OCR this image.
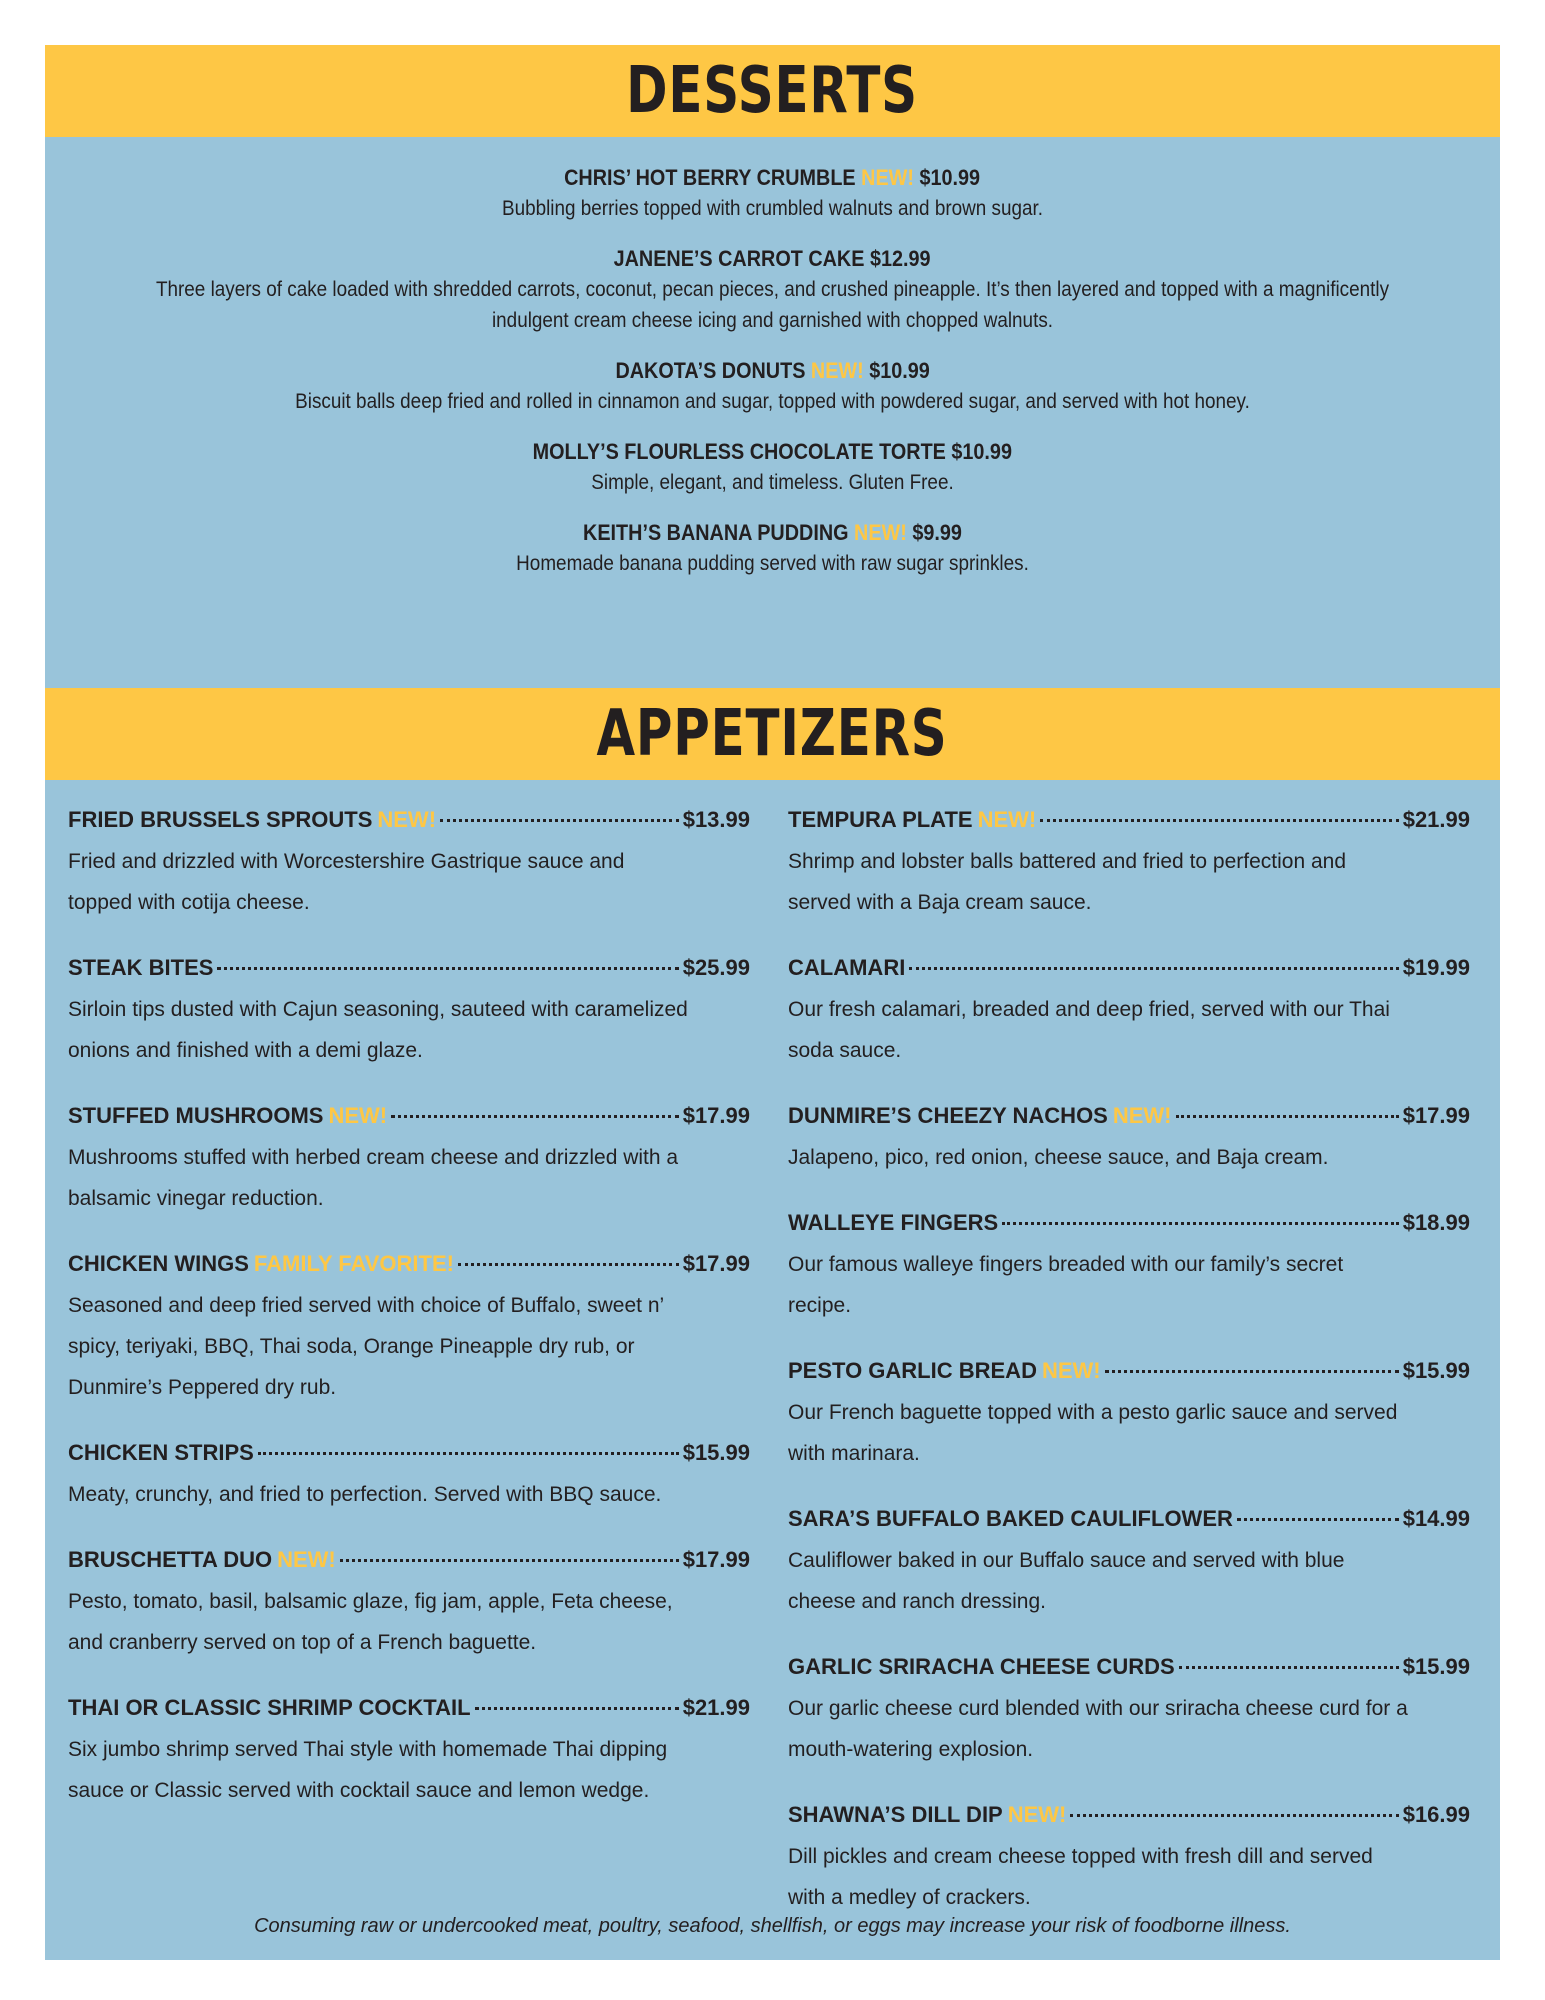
DESSERTS
CHRIS’ HOT BERRY CRUMBLE NEW! $10.99
Bubbling berries topped with crumbled walnuts and brown sugar.
JANENE’S CARROT CAKE $12.99
Three layers of cake loaded with shredded carrots, coconut, pecan pieces, and crushed pineapple. It’s then layered and topped with a magnificently indulgent cream cheese icing and garnished with chopped walnuts.
DAKOTA’S DONUTS NEW! $10.99
Biscuit balls deep fried and rolled in cinnamon and sugar, topped with powdered sugar, and served with hot honey.
MOLLY’S FLOURLESS CHOCOLATE TORTE $10.99
Simple, elegant, and timeless. Gluten Free.
KEITH’S BANANA PUDDING NEW! $9.99
Homemade banana pudding served with raw sugar sprinkles.
APPETIZERS
FRIED BRUSSELS SPROUTS NEW!	$13.99
Fried and drizzled with Worcestershire Gastrique sauce and topped with cotija cheese.
STEAK BITES	$25.99
Sirloin tips dusted with Cajun seasoning, sauteed with caramelized onions and finished with a demi glaze.
STUFFED MUSHROOMS NEW!	$17.99
Mushrooms stuffed with herbed cream cheese and drizzled with a balsamic vinegar reduction.
CHICKEN WINGS FAMILY FAVORITE!	$17.99
Seasoned and deep fried served with choice of Buffalo, sweet n’ spicy, teriyaki, BBQ, Thai soda, Orange Pineapple dry rub, or Dunmire’s Peppered dry rub.
CHICKEN STRIPS	$15.99
Meaty, crunchy, and fried to perfection. Served with BBQ sauce.
BRUSCHETTA DUO NEW!	$17.99
Pesto, tomato, basil, balsamic glaze, fig jam, apple, Feta cheese, and cranberry served on top of a French baguette.
THAI OR CLASSIC SHRIMP COCKTAIL	$21.99
Six jumbo shrimp served Thai style with homemade Thai dipping sauce or Classic served with cocktail sauce and lemon wedge.
TEMPURA PLATE NEW!	$21.99
Shrimp and lobster balls battered and fried to perfection and served with a Baja cream sauce.
CALAMARI	$19.99
Our fresh calamari, breaded and deep fried, served with our Thai soda sauce.
DUNMIRE’S CHEEZY NACHOS NEW!	$17.99
Jalapeno, pico, red onion, cheese sauce, and Baja cream.
WALLEYE FINGERS	$18.99
Our famous walleye fingers breaded with our family’s secret recipe.
PESTO GARLIC BREAD NEW!	$15.99
Our French baguette topped with a pesto garlic sauce and served with marinara.
SARA’S BUFFALO BAKED CAULIFLOWER	$14.99
Cauliflower baked in our Buffalo sauce and served with blue cheese and ranch dressing.
GARLIC SRIRACHA CHEESE CURDS	$15.99
Our garlic cheese curd blended with our sriracha cheese curd for a mouth-watering explosion.
SHAWNA’S DILL DIP NEW!	$16.99
Dill pickles and cream cheese topped with fresh dill and served with a medley of crackers.
Consuming raw or undercooked meat, poultry, seafood, shellfish, or eggs may increase your risk of foodborne illness.
